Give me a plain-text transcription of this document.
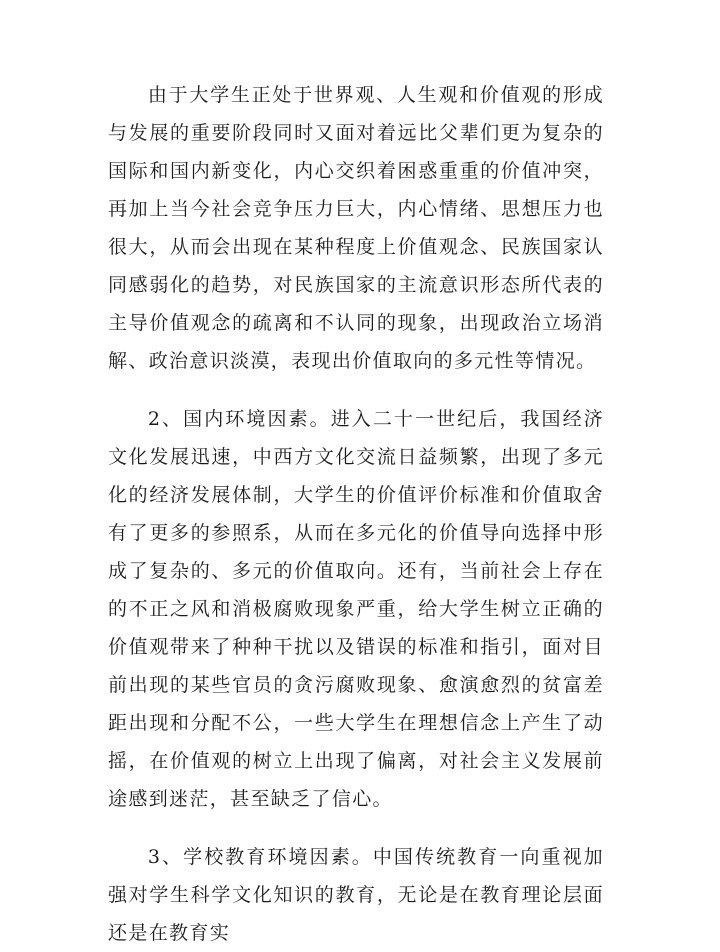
由于大学生正处于世界观、人生观和价值观的形成与发展的重要阶段同时又面对着远比父辈们更为复杂的国际和国内新变化，内心交织着困惑重重的价值冲突，再加上当今社会竞争压力巨大，内心情绪、思想压力也很大，从而会出现在某种程度上价值观念、民族国家认同感弱化的趋势，对民族国家的主流意识形态所代表的主导价值观念的疏离和不认同的现象，出现政治立场消解、政治意识淡漠，表现出价值取向的多元性等情况。

2、国内环境因素。进入二十一世纪后，我国经济文化发展迅速，中西方文化交流日益频繁，出现了多元化的经济发展体制，大学生的价值评价标准和价值取舍有了更多的参照系，从而在多元化的价值导向选择中形成了复杂的、多元的价值取向。还有，当前社会上存在的不正之风和消极腐败现象严重，给大学生树立正确的价值观带来了种种干扰以及错误的标准和指引，面对目前出现的某些官员的贪污腐败现象、愈演愈烈的贫富差距出现和分配不公，一些大学生在理想信念上产生了动摇，在价值观的树立上出现了偏离，对社会主义发展前途感到迷茫，甚至缺乏了信心。

3、学校教育环境因素。中国传统教育一向重视加强对学生科学文化知识的教育，无论是在教育理论层面还是在教育实
